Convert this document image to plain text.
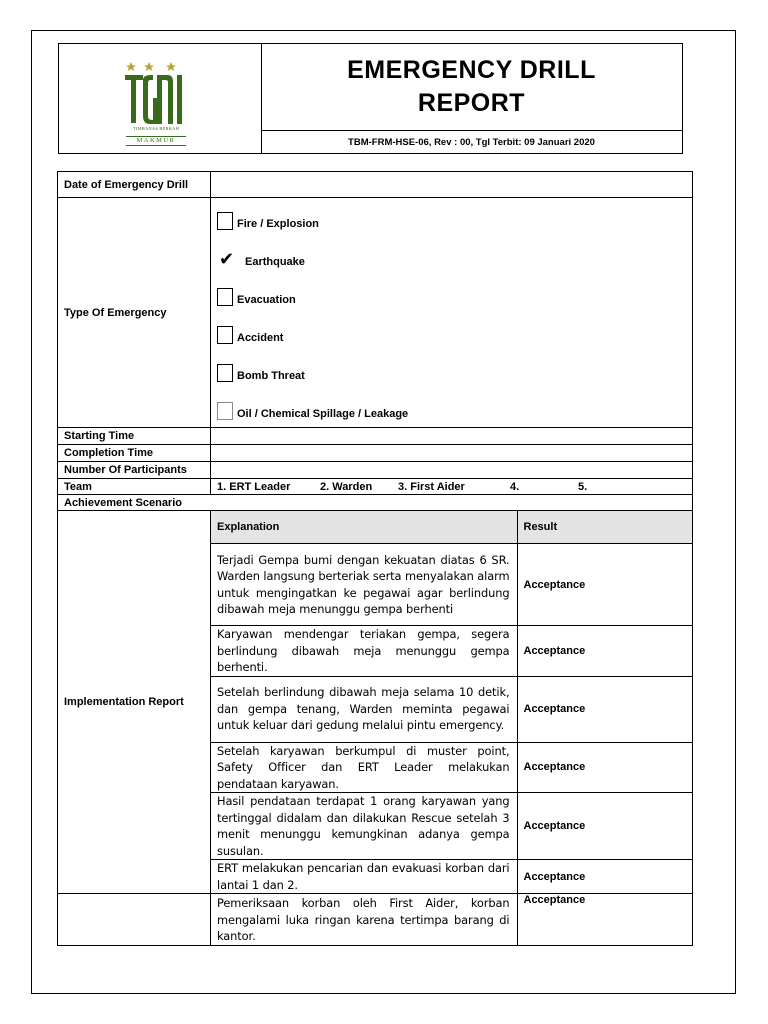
TIMBANAS BERKAH
MAKMUR
EMERGENCY DRILL
REPORT
TBM-FRM-HSE-06, Rev : 00, Tgl Terbit: 09 Januari 2020
Date of Emergency Drill	
Type Of Emergency	
Fire / Explosion
✔ Earthquake
Evacuation
Accident
Bomb Threat
Oil / Chemical Spillage / Leakage

Starting Time	
Completion Time	
Number Of Participants	
Team	1. ERT Leader	2. Warden	3. First Aider	4.	5.

Achievement Scenario
Implementation Report	
Explanation	Result
Terjadi Gempa bumi dengan kekuatan diatas 6 SR. Warden langsung berteriak serta menyalakan alarm untuk mengingatkan ke pegawai agar berlindung dibawah meja menunggu gempa berhenti	Acceptance
Karyawan mendengar teriakan gempa, segera berlindung dibawah meja menunggu gempa berhenti.	Acceptance
Setelah berlindung dibawah meja selama 10 detik, dan gempa tenang, Warden meminta pegawai untuk keluar dari gedung melalui pintu emergency.	Acceptance
Setelah karyawan berkumpul di muster point, Safety Officer dan ERT Leader melakukan pendataan karyawan.	Acceptance
Hasil pendataan terdapat 1 orang karyawan yang tertinggal didalam dan dilakukan Rescue setelah 3 menit menunggu kemungkinan adanya gempa susulan.	Acceptance
ERT melakukan pencarian dan evakuasi korban dari lantai 1 dan 2.	Acceptance

Pemeriksaan korban oleh First Aider, korban mengalami luka ringan karena tertimpa barang di kantor.	Acceptance
